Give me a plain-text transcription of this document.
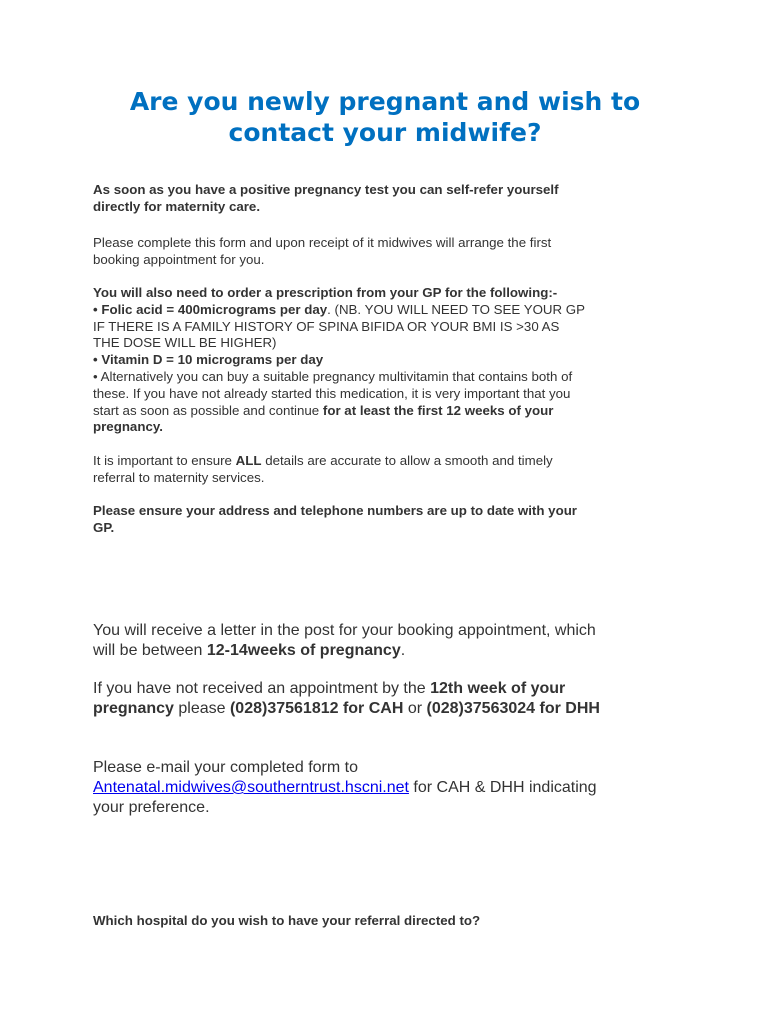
Are you newly pregnant and wish to
contact your midwife?

As soon as you have a positive pregnancy test you can self-refer yourself
directly for maternity care.

Please complete this form and upon receipt of it midwives will arrange the first
booking appointment for you.

You will also need to order a prescription from your GP for the following:-
• Folic acid = 400micrograms per day. (NB. YOU WILL NEED TO SEE YOUR GP
IF THERE IS A FAMILY HISTORY OF SPINA BIFIDA OR YOUR BMI IS >30 AS
THE DOSE WILL BE HIGHER)
• Vitamin D = 10 micrograms per day
• Alternatively you can buy a suitable pregnancy multivitamin that contains both of
these. If you have not already started this medication, it is very important that you
start as soon as possible and continue for at least the first 12 weeks of your
pregnancy.

It is important to ensure ALL details are accurate to allow a smooth and timely
referral to maternity services.

Please ensure your address and telephone numbers are up to date with your
GP.

You will receive a letter in the post for your booking appointment, which
will be between 12-14weeks of pregnancy.

If you have not received an appointment by the 12th week of your
pregnancy please (028)37561812 for CAH or (028)37563024 for DHH

Please e-mail your completed form to
Antenatal.midwives@southerntrust.hscni.net for CAH & DHH indicating
your preference.

Which hospital do you wish to have your referral directed to?
